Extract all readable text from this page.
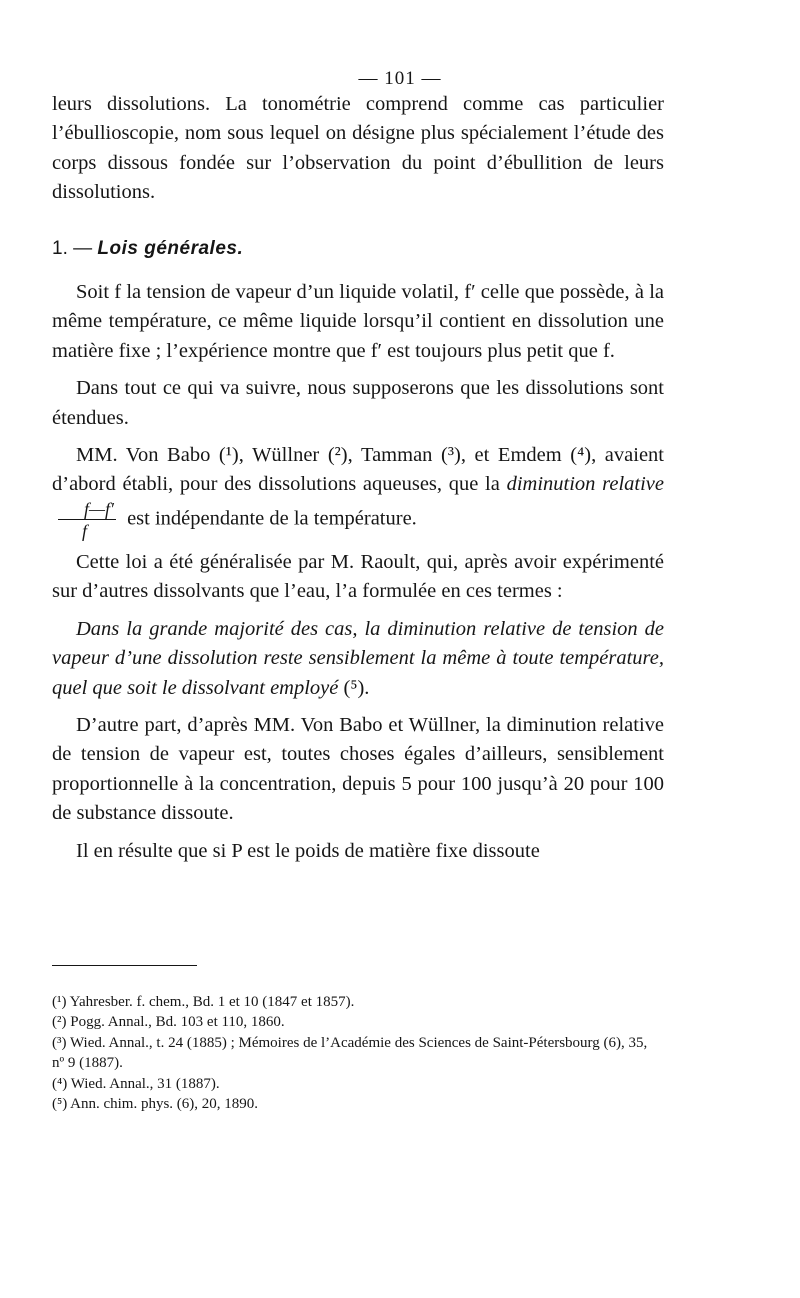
— 101 —

leurs dissolutions. La tonométrie comprend comme cas particulier l’ébullioscopie, nom sous lequel on désigne plus spécialement l’étude des corps dissous fondée sur l’observation du point d’ébullition de leurs dissolutions.

1. — Lois générales.

Soit f la tension de vapeur d’un liquide volatil, f′ celle que possède, à la même température, ce même liquide lorsqu’il contient en dissolution une matière fixe ; l’expérience montre que f′ est toujours plus petit que f.

Dans tout ce qui va suivre, nous supposerons que les dissolutions sont étendues.

MM. Von Babo (¹), Wüllner (²), Tamman (³), et Emdem (⁴), avaient d’abord établi, pour des dissolutions aqueuses, que la diminution relative
$\frac{f—f'}{f}$ est indépendante de la température.

Cette loi a été généralisée par M. Raoult, qui, après avoir expérimenté sur d’autres dissolvants que l’eau, l’a formulée en ces termes :

Dans la grande majorité des cas, la diminution relative de tension de vapeur d’une dissolution reste sensiblement la même à toute température, quel que soit le dissolvant employé (⁵).

D’autre part, d’après MM. Von Babo et Wüllner, la diminution relative de tension de vapeur est, toutes choses égales d’ailleurs, sensiblement proportionnelle à la concentration, depuis 5 pour 100 jusqu’à 20 pour 100 de substance dissoute.

Il en résulte que si P est le poids de matière fixe dissoute

(¹) Yahresber. f. chem., Bd. 1 et 10 (1847 et 1857).

(²) Pogg. Annal., Bd. 103 et 110, 1860.

(³) Wied. Annal., t. 24 (1885) ; Mémoires de l’Académie des Sciences de Saint-Pétersbourg (6), 35, nº 9 (1887).

(⁴) Wied. Annal., 31 (1887).

(⁵) Ann. chim. phys. (6), 20, 1890.
